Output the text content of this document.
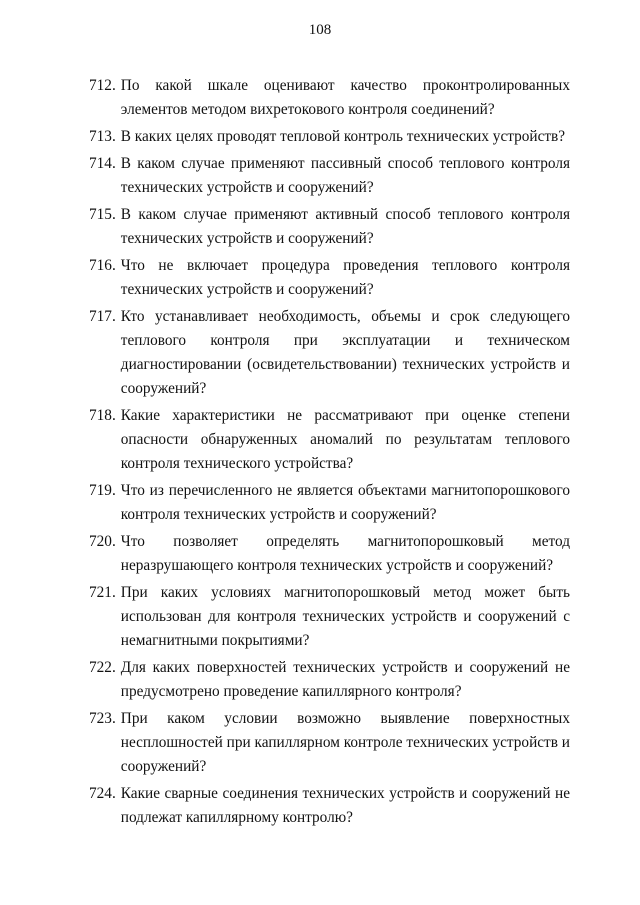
108
712. По какой шкале оценивают качество проконтролированных элементов методом вихретокового контроля соединений?
713. В каких целях проводят тепловой контроль технических устройств?
714. В каком случае применяют пассивный способ теплового контроля технических устройств и сооружений?
715. В каком случае применяют активный способ теплового контроля технических устройств и сооружений?
716. Что не включает процедура проведения теплового контроля технических устройств и сооружений?
717. Кто устанавливает необходимость, объемы и срок следующего теплового контроля при эксплуатации и техническом диагностировании (освидетельствовании) технических устройств и сооружений?
718. Какие характеристики не рассматривают при оценке степени опасности обнаруженных аномалий по результатам теплового контроля технического устройства?
719. Что из перечисленного не является объектами магнитопорошкового контроля технических устройств и сооружений?
720. Что позволяет определять магнитопорошковый метод неразрушающего контроля технических устройств и сооружений?
721. При каких условиях магнитопорошковый метод может быть использован для контроля технических устройств и сооружений с немагнитными покрытиями?
722. Для каких поверхностей технических устройств и сооружений не предусмотрено проведение капиллярного контроля?
723. При каком условии возможно выявление поверхностных несплошностей при капиллярном контроле технических устройств и сооружений?
724. Какие сварные соединения технических устройств и сооружений не подлежат капиллярному контролю?
